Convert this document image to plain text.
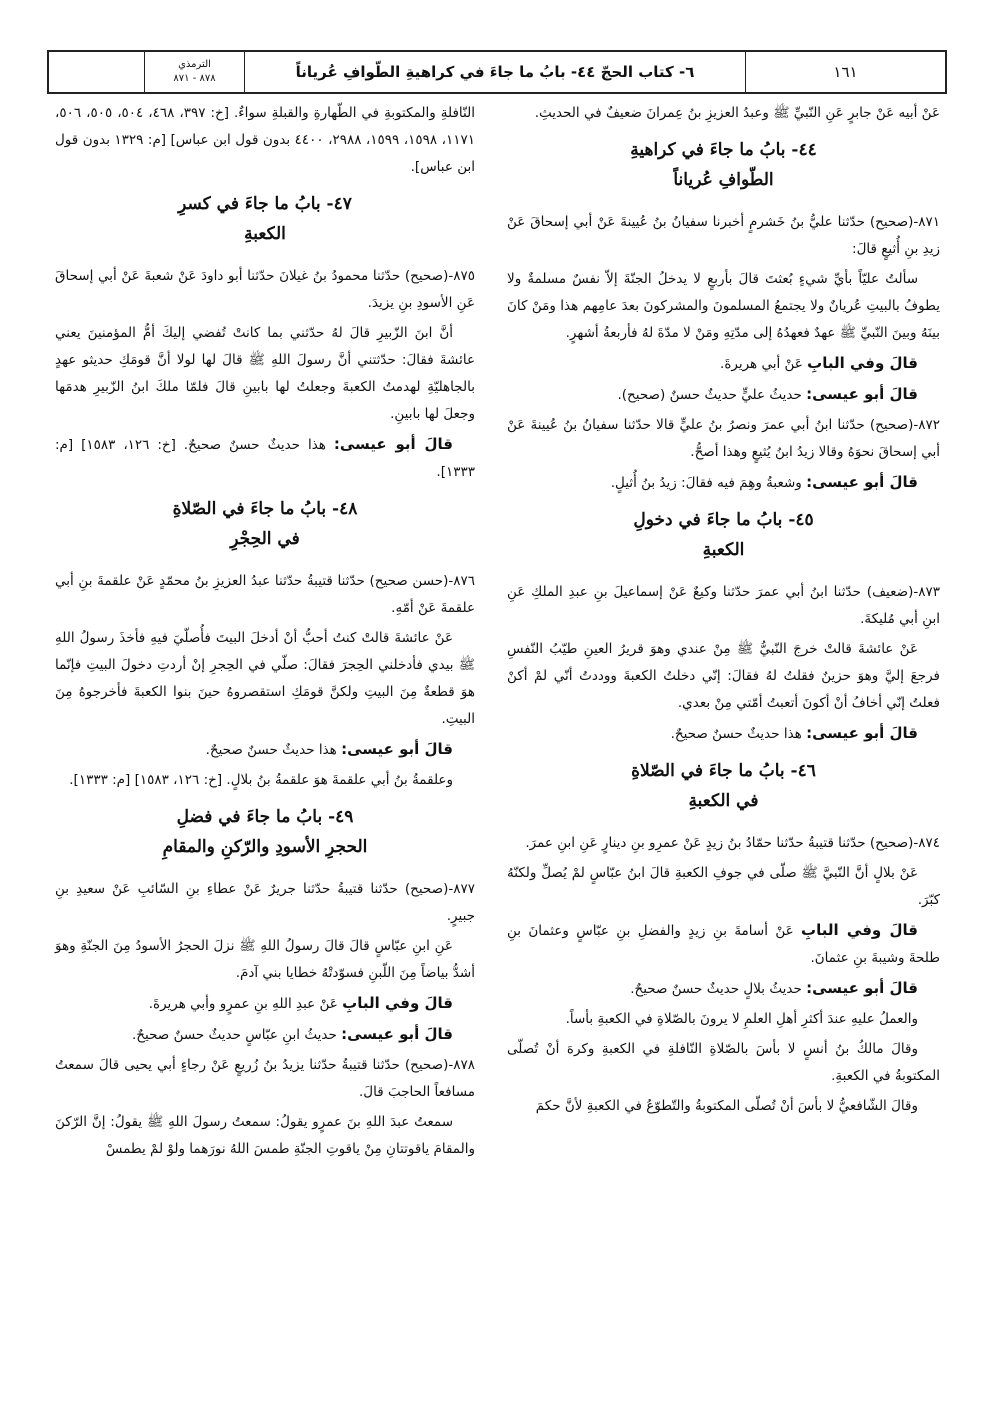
١٦١
٦- كتاب الحجّ ٤٤- بابُ ما جاءَ في كراهيةِ الطّوافِ عُرياناً
الترمذي
٨٧٨ - ٨٧١

عَنْ أبيه عَنْ جابرٍ عَنِ النّبيِّ ﷺ وعبدُ العزيزِ بنُ عِمرانَ ضعيفٌ في الحديثِ.

٤٤- بابُ ما جاءَ في كراهيةِ
الطّوافِ عُرياناً

٨٧١-(صحيح) حدّثنا عليُّ بنُ خَشرمٍ أخبرنا سفيانُ بنُ عُيينةَ عَنْ أبي إسحاقَ عَنْ زيدِ بنِ أُثيعٍ قالَ:

سألتُ عليّاً بأيِّ شيءٍ بُعثتَ قالَ بأربعٍ لا يدخلُ الجنّةَ إلاّ نفسٌ مسلمةٌ ولا يطوفُ بالبيتِ عُريانٌ ولا يجتمعُ المسلمونَ والمشركونَ بعدَ عامِهم هذا ومَنْ كانَ بينَهُ وبينَ النّبيِّ ﷺ عهدٌ فعهدُهُ إلى مدّتِهِ ومَنْ لا مدّةَ لهُ فأربعةُ أشهرٍ.

قالَ وفي البابِ عَنْ أبي هريرةَ.

قالَ أبو عيسى: حديثُ عليٍّ حديثٌ حسنٌ (صحيح).

٨٧٢-(صحيح) حدّثنا ابنُ أبي عمرَ ونصرُ بنُ عليٍّ قالا حدّثنا سفيانُ بنُ عُيينةَ عَنْ أبي إسحاقَ نحوَهُ وقالا زيدُ ابنُ يُثيعٍ وهذا أصحُّ.

قالَ أبو عيسى: وشعبةُ وهِمَ فيه فقالَ: زيدُ بنُ أُثيلٍ.

٤٥- بابُ ما جاءَ في دخولِ
الكعبةِ

٨٧٣-(ضعيف) حدّثنا ابنُ أبي عمرَ حدّثنا وكيعٌ عَنْ إسماعيلَ بنِ عبدِ الملكِ عَنِ ابنِ أبي مُليكةَ.

عَنْ عائشةَ قالتْ خرجَ النّبيُّ ﷺ مِنْ عندي وهوَ قريرُ العينِ طيّبُ النّفسِ فرجعَ إليَّ وهوَ حزينٌ فقلتُ لهُ فقالَ: إنّي دخلتُ الكعبةَ ووددتُ أنّي لمْ أكنْ فعلتُ إنّي أخافُ أنْ أكونَ أتعبتُ أمّتي مِنْ بعدي.

قالَ أبو عيسى: هذا حديثٌ حسنٌ صحيحٌ.

٤٦- بابُ ما جاءَ في الصّلاةِ
في الكعبةِ

٨٧٤-(صحيح) حدّثنا قتيبةُ حدّثنا حمّادُ بنُ زيدٍ عَنْ عمرِو بنِ دينارٍ عَنِ ابنِ عمرَ.

عَنْ بلالٍ أنَّ النّبيَّ ﷺ صلّى في جوفِ الكعبةِ قالَ ابنُ عبّاسٍ لمْ يُصلِّ ولكنّهُ كبّرَ.

قالَ وفي البابِ عَنْ أسامةَ بنِ زيدٍ والفضلِ بنِ عبّاسٍ وعثمانَ بنِ طلحةَ وشيبةَ بنِ عثمانَ.

قالَ أبو عيسى: حديثُ بلالٍ حديثٌ حسنٌ صحيحٌ.

والعملُ عليهِ عندَ أكثرِ أهلِ العلمِ لا يرونَ بالصّلاةِ في الكعبةِ بأساً.

وقالَ مالكُ بنُ أنسٍ لا بأسَ بالصّلاةِ النّافلةِ في الكعبةِ وكرهَ أنْ تُصلّى المكتوبةُ في الكعبةِ.

وقالَ الشّافعيُّ لا بأسَ أنْ تُصلّى المكتوبةُ والتّطوّعُ في الكعبةِ لأنَّ حكمَ

النّافلةِ والمكتوبةِ في الطّهارةِ والقبلةِ سواءٌ. [خ: ٣٩٧، ٤٦٨، ٥٠٤، ٥٠٥، ٥٠٦، ١١٧١، ١٥٩٨، ١٥٩٩، ٢٩٨٨، ٤٤٠٠ بدون قول ابن عباس] [م: ١٣٢٩ بدون قول ابن عباس].

٤٧- بابُ ما جاءَ في كسرِ
الكعبةِ

٨٧٥-(صحيح) حدّثنا محمودُ بنُ غيلانَ حدّثنا أبو داودَ عَنْ شعبةَ عَنْ أبي إسحاقَ عَنِ الأسودِ بنِ يزيدَ.

أنَّ ابنَ الزّبيرِ قالَ لهُ حدّثني بما كانتْ تُفضي إليكَ أمُّ المؤمنينَ يعني عائشةَ فقالَ: حدّثتني أنَّ رسولَ اللهِ ﷺ قالَ لها لولا أنَّ قومَكِ حديثو عهدٍ بالجاهليّةِ لهدمتُ الكعبةَ وجعلتُ لها بابينِ قالَ فلمّا ملكَ ابنُ الزّبيرِ هدمَها وجعلَ لها بابينِ.

قالَ أبو عيسى: هذا حديثٌ حسنٌ صحيحٌ. [خ: ١٢٦، ١٥٨٣] [م: ١٣٣٣].

٤٨- بابُ ما جاءَ في الصّلاةِ
في الحِجْرِ

٨٧٦-(حسن صحيح) حدّثنا قتيبةُ حدّثنا عبدُ العزيزِ بنُ محمّدٍ عَنْ علقمةَ بنِ أبي علقمةَ عَنْ أمّهِ.

عَنْ عائشةَ قالتْ كنتُ أحبُّ أنْ أدخلَ البيتَ فأُصلّيَ فيهِ فأخذَ رسولُ اللهِ ﷺ بيدي فأدخلني الحِجرَ فقالَ: صلّي في الحِجرِ إنْ أردتِ دخولَ البيتِ فإنّما هوَ قطعةٌ مِنَ البيتِ ولكنَّ قومَكِ استقصروهُ حينَ بنوا الكعبةَ فأخرجوهُ مِنَ البيتِ.

قالَ أبو عيسى: هذا حديثٌ حسنٌ صحيحٌ.

وعلقمةُ بنُ أبي علقمةَ هوَ علقمةُ بنُ بلالٍ. [خ: ١٢٦، ١٥٨٣] [م: ١٣٣٣].

٤٩- بابُ ما جاءَ في فضلِ
الحجرِ الأسودِ والرّكنِ والمقامِ

٨٧٧-(صحيح) حدّثنا قتيبةُ حدّثنا جريرٌ عَنْ عطاءِ بنِ السّائبِ عَنْ سعيدِ بنِ جبيرٍ.

عَنِ ابنِ عبّاسٍ قالَ قالَ رسولُ اللهِ ﷺ نزلَ الحجرُ الأسودُ مِنَ الجنّةِ وهوَ أشدُّ بياضاً مِنَ اللّبنِ فسوّدتْهُ خطايا بني آدمَ.

قالَ وفي البابِ عَنْ عبدِ اللهِ بنِ عمرٍو وأبي هريرةَ.

قالَ أبو عيسى: حديثُ ابنِ عبّاسٍ حديثٌ حسنٌ صحيحٌ.

٨٧٨-(صحيح) حدّثنا قتيبةُ حدّثنا يزيدُ بنُ زُريعٍ عَنْ رجاءٍ أبي يحيى قالَ سمعتُ مسافعاً الحاجبَ قالَ.

سمعتُ عبدَ اللهِ بنَ عمرٍو يقولُ: سمعتُ رسولَ اللهِ ﷺ يقولُ: إنَّ الرّكنَ والمقامَ ياقوتتانِ مِنْ ياقوتِ الجنّةِ طمسَ اللهُ نورَهما ولوْ لمْ يطمسْ
